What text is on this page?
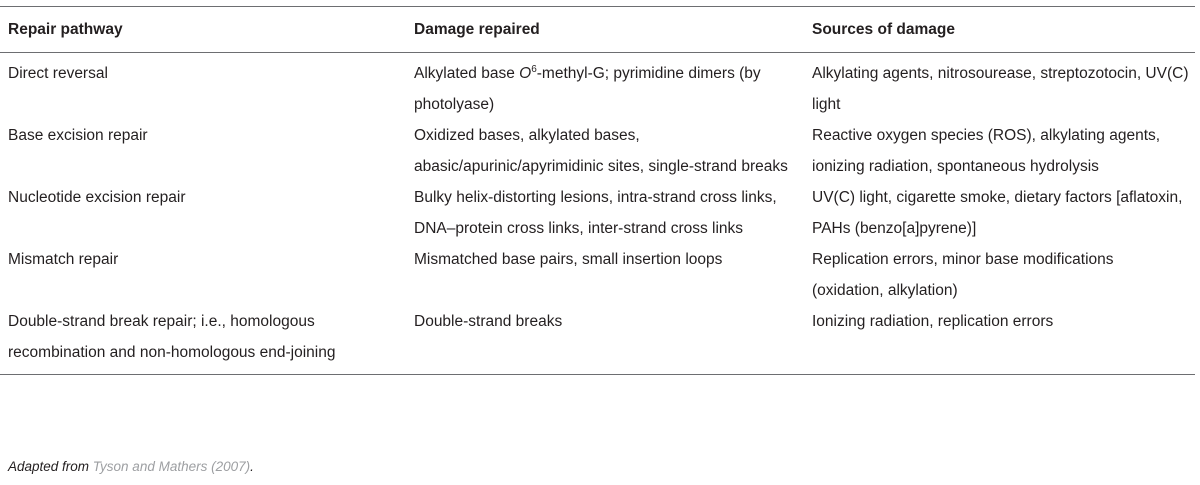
Repair pathway	Damage repaired	Sources of damage
Direct reversal	Alkylated base $O^6-methyl-G$; pyrimidine dimers (by photolyase)	Alkylating agents, nitrosourease, streptozotocin, UV(C) light
Base excision repair	Oxidized bases, alkylated bases, abasic/apurinic/apyrimidinic sites, single-strand breaks	Reactive oxygen species (ROS), alkylating agents, ionizing radiation, spontaneous hydrolysis
Nucleotide excision repair	Bulky helix-distorting lesions, intra-strand cross links, DNA–protein cross links, inter-strand cross links	UV(C) light, cigarette smoke, dietary factors [aflatoxin, PAHs (benzo[a]pyrene)]
Mismatch repair	Mismatched base pairs, small insertion loops	Replication errors, minor base modifications (oxidation, alkylation)
Double-strand break repair; i.e., homologous recombination and non-homologous end-joining	Double-strand breaks	Ionizing radiation, replication errors
Adapted from Tyson and Mathers (2007).
